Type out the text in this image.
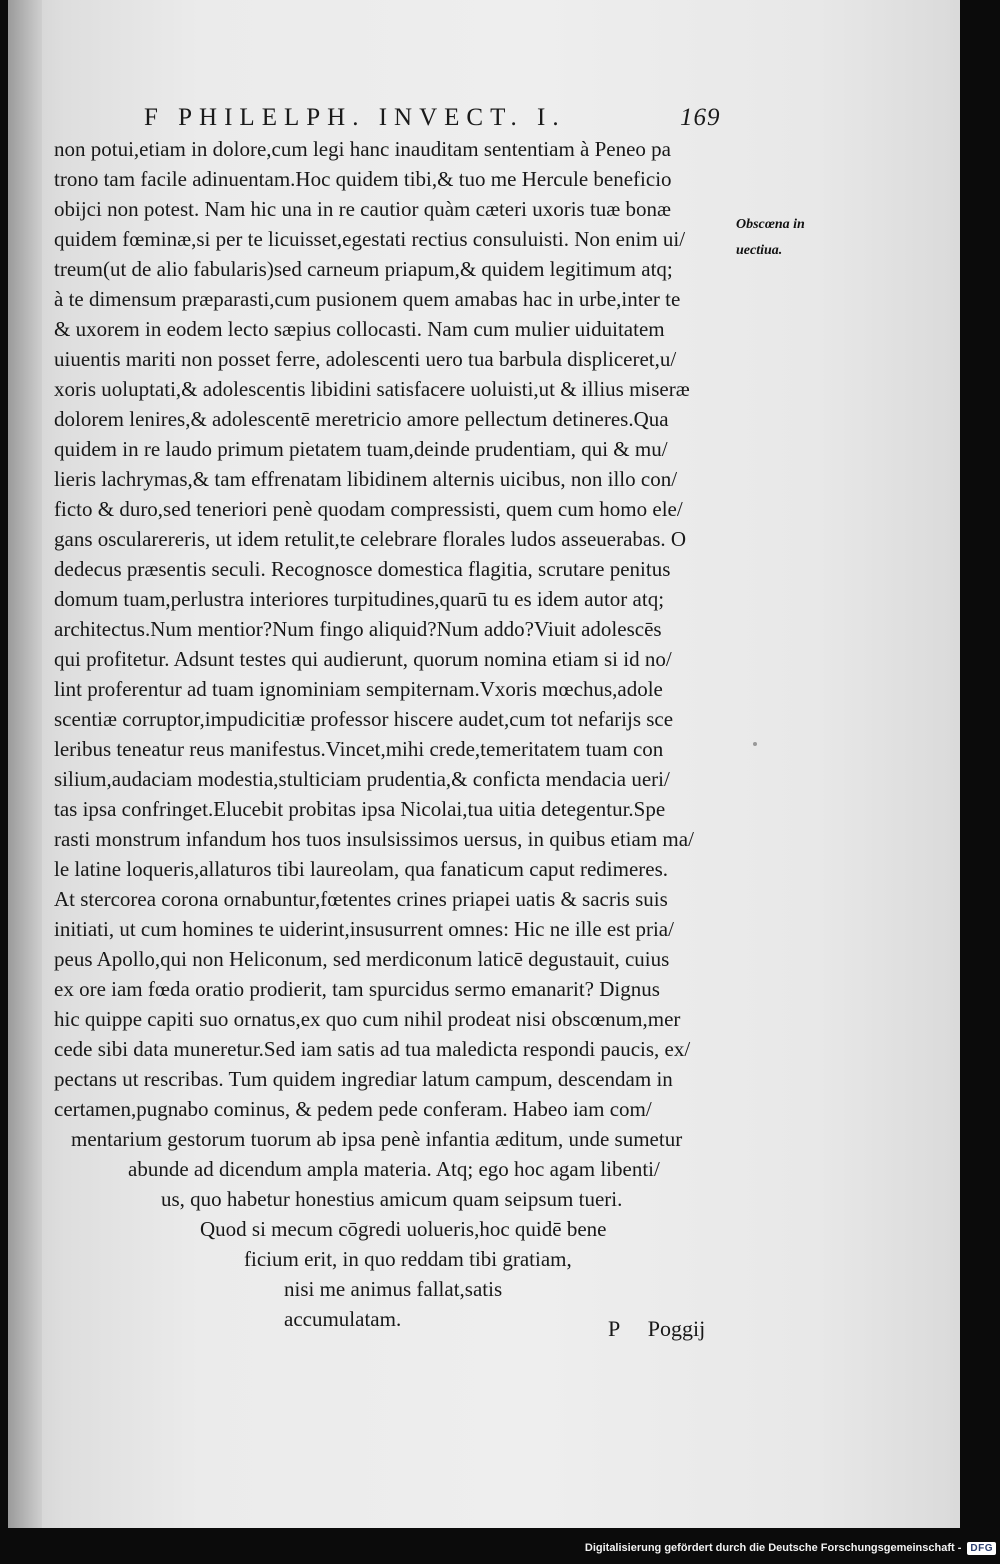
F PHILELPH. INVECT. I.	169
non potui,etiam in dolore,cum legi hanc inauditam sententiam à Peneo pa
trono tam facile adinuentam.Hoc quidem tibi,& tuo me Hercule beneficio
obijci non potest. Nam hic una in re cautior quàm cæteri uxoris tuæ bonæ
quidem fœminæ,si per te licuisset,egestati rectius consuluisti. Non enim ui/
treum(ut de alio fabularis)sed carneum priapum,& quidem legitimum atq;
à te dimensum præparasti,cum pusionem quem amabas hac in urbe,inter te
& uxorem in eodem lecto sæpius collocasti. Nam cum mulier uiduitatem
uiuentis mariti non posset ferre, adolescenti uero tua barbula displiceret,u/
xoris uoluptati,& adolescentis libidini satisfacere uoluisti,ut & illius miseræ
dolorem lenires,& adolescentē meretricio amore pellectum detineres.Qua
quidem in re laudo primum pietatem tuam,deinde prudentiam, qui & mu/
lieris lachrymas,& tam effrenatam libidinem alternis uicibus, non illo con/
ficto & duro,sed teneriori penè quodam compressisti, quem cum homo ele/
gans oscularereris, ut idem retulit,te celebrare florales ludos asseuerabas. O
dedecus præsentis seculi. Recognosce domestica flagitia, scrutare penitus
domum tuam,perlustra interiores turpitudines,quarū tu es idem autor atq;
architectus.Num mentior?Num fingo aliquid?Num addo?Viuit adolescēs
qui profitetur. Adsunt testes qui audierunt, quorum nomina etiam si id no/
lint proferentur ad tuam ignominiam sempiternam.Vxoris mœchus,adole
scentiæ corruptor,impudicitiæ professor hiscere audet,cum tot nefarijs sce
leribus teneatur reus manifestus.Vincet,mihi crede,temeritatem tuam con
silium,audaciam modestia,stulticiam prudentia,& conficta mendacia ueri/
tas ipsa confringet.Elucebit probitas ipsa Nicolai,tua uitia detegentur.Spe
rasti monstrum infandum hos tuos insulsissimos uersus, in quibus etiam ma/
le latine loqueris,allaturos tibi laureolam, qua fanaticum caput redimeres.
At stercorea corona ornabuntur,fœtentes crines priapei uatis & sacris suis
initiati, ut cum homines te uiderint,insusurrent omnes: Hic ne ille est pria/
peus Apollo,qui non Heliconum, sed merdiconum laticē degustauit, cuius
ex ore iam fœda oratio prodierit, tam spurcidus sermo emanarit? Dignus
hic quippe capiti suo ornatus,ex quo cum nihil prodeat nisi obscœnum,mer
cede sibi data muneretur.Sed iam satis ad tua maledicta respondi paucis, ex/
pectans ut rescribas. Tum quidem ingrediar latum campum, descendam in
certamen,pugnabo cominus, & pedem pede conferam. Habeo iam com/
mentarium gestorum tuorum ab ipsa penè infantia æditum, unde sumetur
abunde ad dicendum ampla materia. Atq; ego hoc agam libenti/
us, quo habetur honestius amicum quam seipsum tueri.
Quod si mecum cōgredi uolueris,hoc quidē bene
ficium erit, in quo reddam tibi gratiam,
nisi me animus fallat,satis
accumulatam.
Obscœna in
uectiua.
P Poggij
Digitalisierung gefördert durch die Deutsche Forschungsgemeinschaft - DFG
